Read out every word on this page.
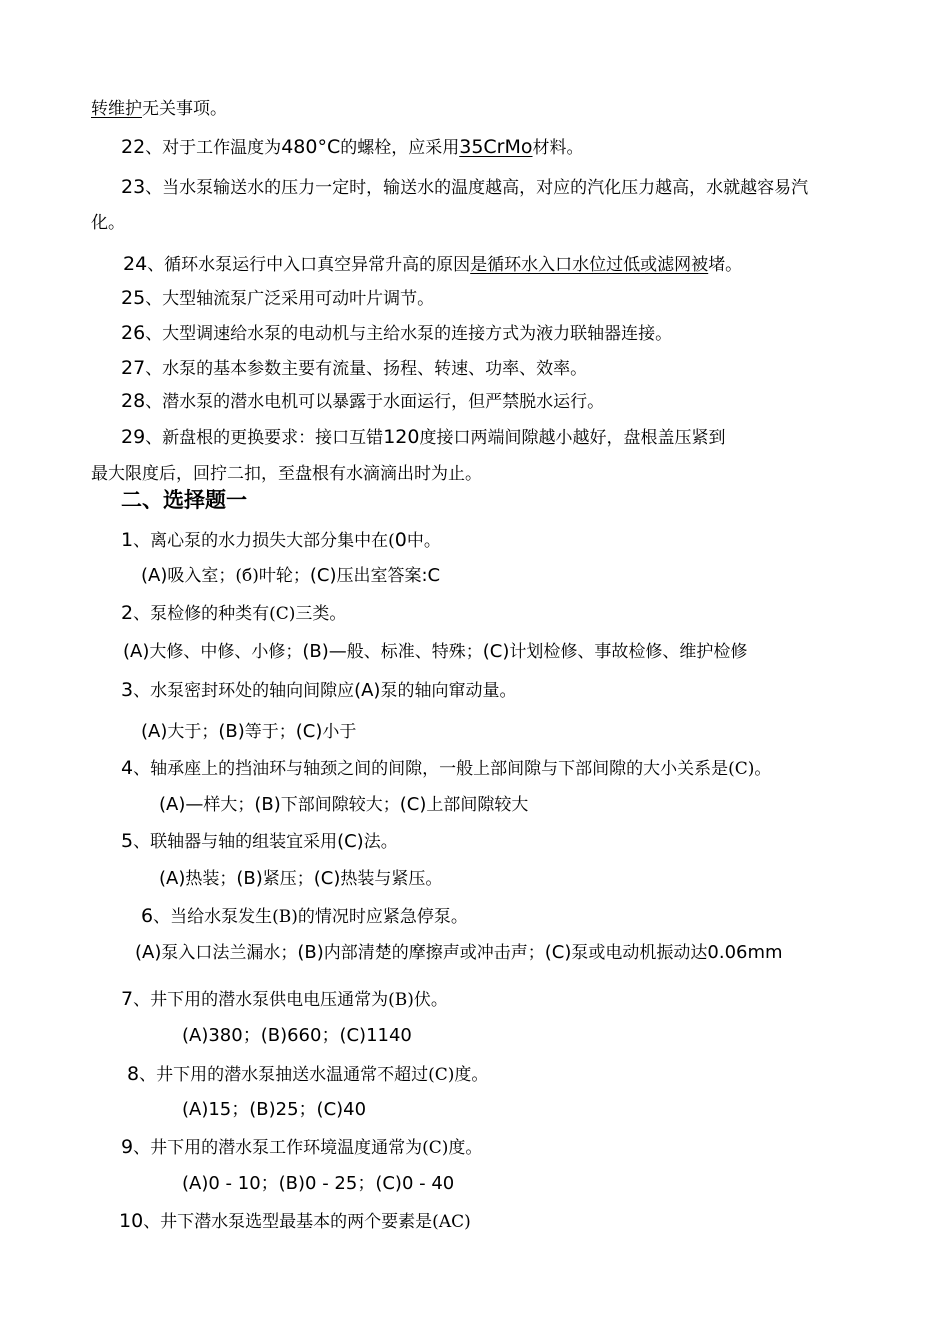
转维护无关事项。
22、对于工作温度为480°C的螺栓，应采用35CrMo材料。
23、当水泵输送水的压力一定时，输送水的温度越高，对应的汽化压力越高，水就越容易汽
化。
24、循环水泵运行中入口真空异常升高的原因是循环水入口水位过低或滤网被堵。
25、大型轴流泵广泛采用可动叶片调节。
26、大型调速给水泵的电动机与主给水泵的连接方式为液力联轴器连接。
27、水泵的基本参数主要有流量、扬程、转速、功率、效率。
28、潜水泵的潜水电机可以暴露于水面运行，但严禁脱水运行。
29、新盘根的更换要求：接口互错120度接口两端间隙越小越好，盘根盖压紧到
最大限度后，回拧二扣，至盘根有水滴滴出时为止。
二、选择题一
1、离心泵的水力损失大部分集中在(0中。
(A)吸入室；(б)叶轮；(C)压出室答案:C
2、泵检修的种类有(C)三类。
(A)大修、中修、小修；(B)—般、标准、特殊；(C)计划检修、事故检修、维护检修
3、水泵密封环处的轴向间隙应(A)泵的轴向窜动量。
(A)大于；(B)等于；(C)小于
4、轴承座上的挡油环与轴颈之间的间隙，一般上部间隙与下部间隙的大小关系是(C)。
(A)—样大；(B)下部间隙较大；(C)上部间隙较大
5、联轴器与轴的组装宜采用(C)法。
(A)热装；(B)紧压；(C)热装与紧压。
6、当给水泵发生(B)的情况时应紧急停泵。
(A)泵入口法兰漏水；(B)内部清楚的摩擦声或冲击声；(C)泵或电动机振动达0.06mm
7、井下用的潜水泵供电电压通常为(B)伏。
(A)380；(B)660；(C)1140
8、井下用的潜水泵抽送水温通常不超过(C)度。
(A)15；(B)25；(C)40
9、井下用的潜水泵工作环境温度通常为(C)度。
(A)0 - 10；(B)0 - 25；(C)0 - 40
10、井下潜水泵选型最基本的两个要素是(AC)
